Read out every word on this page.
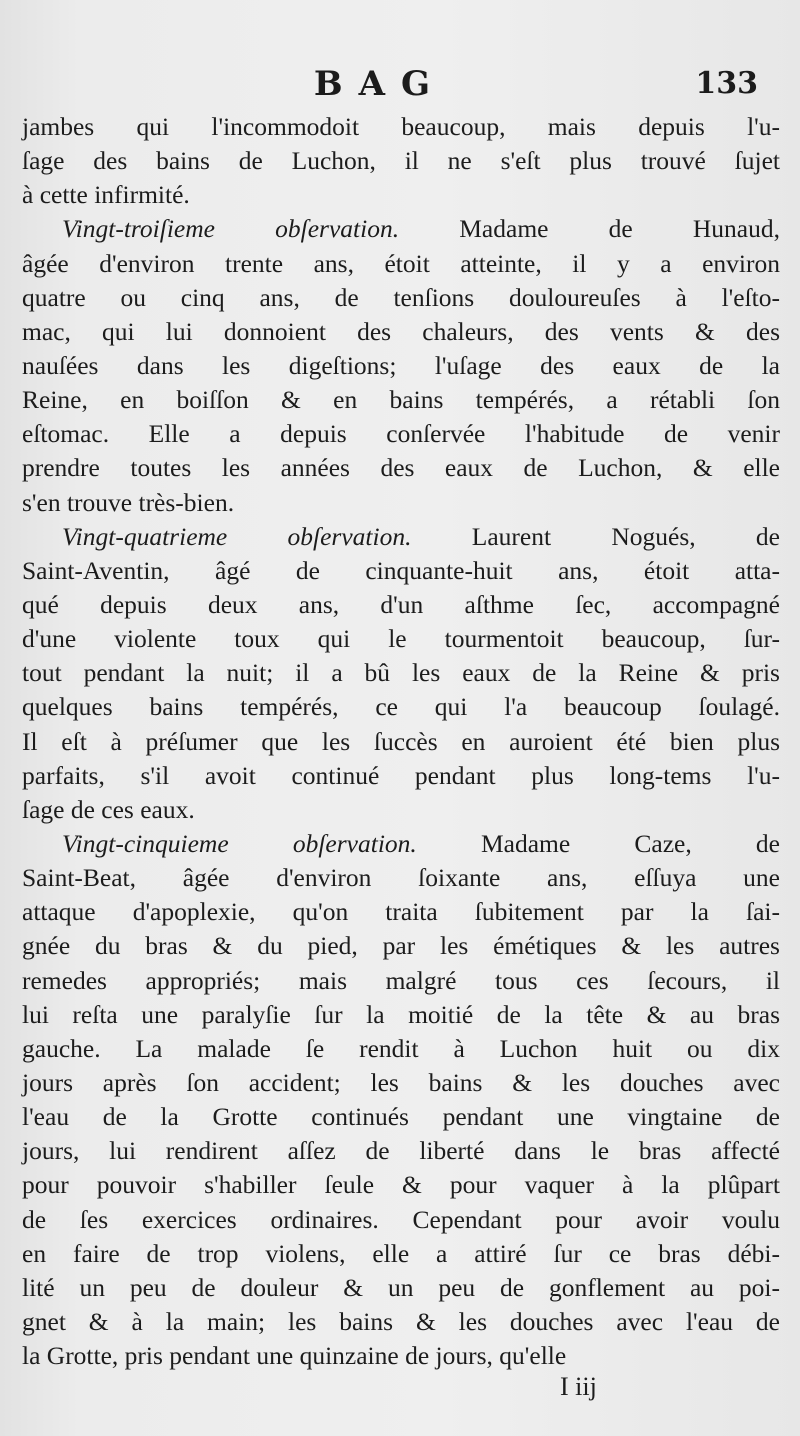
BAG	133
jambes qui l'incommodoit beaucoup, mais depuis l'u-
ſage des bains de Luchon, il ne s'eſt plus trouvé ſujet
à cette infirmité.
Vingt-troiſieme obſervation. Madame de Hunaud,
âgée d'environ trente ans, étoit atteinte, il y a environ
quatre ou cinq ans, de tenſions douloureuſes à l'eſto-
mac, qui lui donnoient des chaleurs, des vents & des
nauſées dans les digeſtions; l'uſage des eaux de la
Reine, en boiſſon & en bains tempérés, a rétabli ſon
eſtomac. Elle a depuis conſervée l'habitude de venir
prendre toutes les années des eaux de Luchon, & elle
s'en trouve très-bien.
Vingt-quatrieme obſervation. Laurent Nogués, de
Saint-Aventin, âgé de cinquante-huit ans, étoit atta-
qué depuis deux ans, d'un aſthme ſec, accompagné
d'une violente toux qui le tourmentoit beaucoup, ſur-
tout pendant la nuit; il a bû les eaux de la Reine & pris
quelques bains tempérés, ce qui l'a beaucoup ſoulagé.
Il eſt à préſumer que les ſuccès en auroient été bien plus
parfaits, s'il avoit continué pendant plus long-tems l'u-
ſage de ces eaux.
Vingt-cinquieme obſervation. Madame Caze, de
Saint-Beat, âgée d'environ ſoixante ans, eſſuya une
attaque d'apoplexie, qu'on traita ſubitement par la ſai-
gnée du bras & du pied, par les émétiques & les autres
remedes appropriés; mais malgré tous ces ſecours, il
lui reſta une paralyſie ſur la moitié de la tête & au bras
gauche. La malade ſe rendit à Luchon huit ou dix
jours après ſon accident; les bains & les douches avec
l'eau de la Grotte continués pendant une vingtaine de
jours, lui rendirent aſſez de liberté dans le bras affecté
pour pouvoir s'habiller ſeule & pour vaquer à la plûpart
de ſes exercices ordinaires. Cependant pour avoir voulu
en faire de trop violens, elle a attiré ſur ce bras débi-
lité un peu de douleur & un peu de gonflement au poi-
gnet & à la main; les bains & les douches avec l'eau de
la Grotte, pris pendant une quinzaine de jours, qu'elle
I iij
